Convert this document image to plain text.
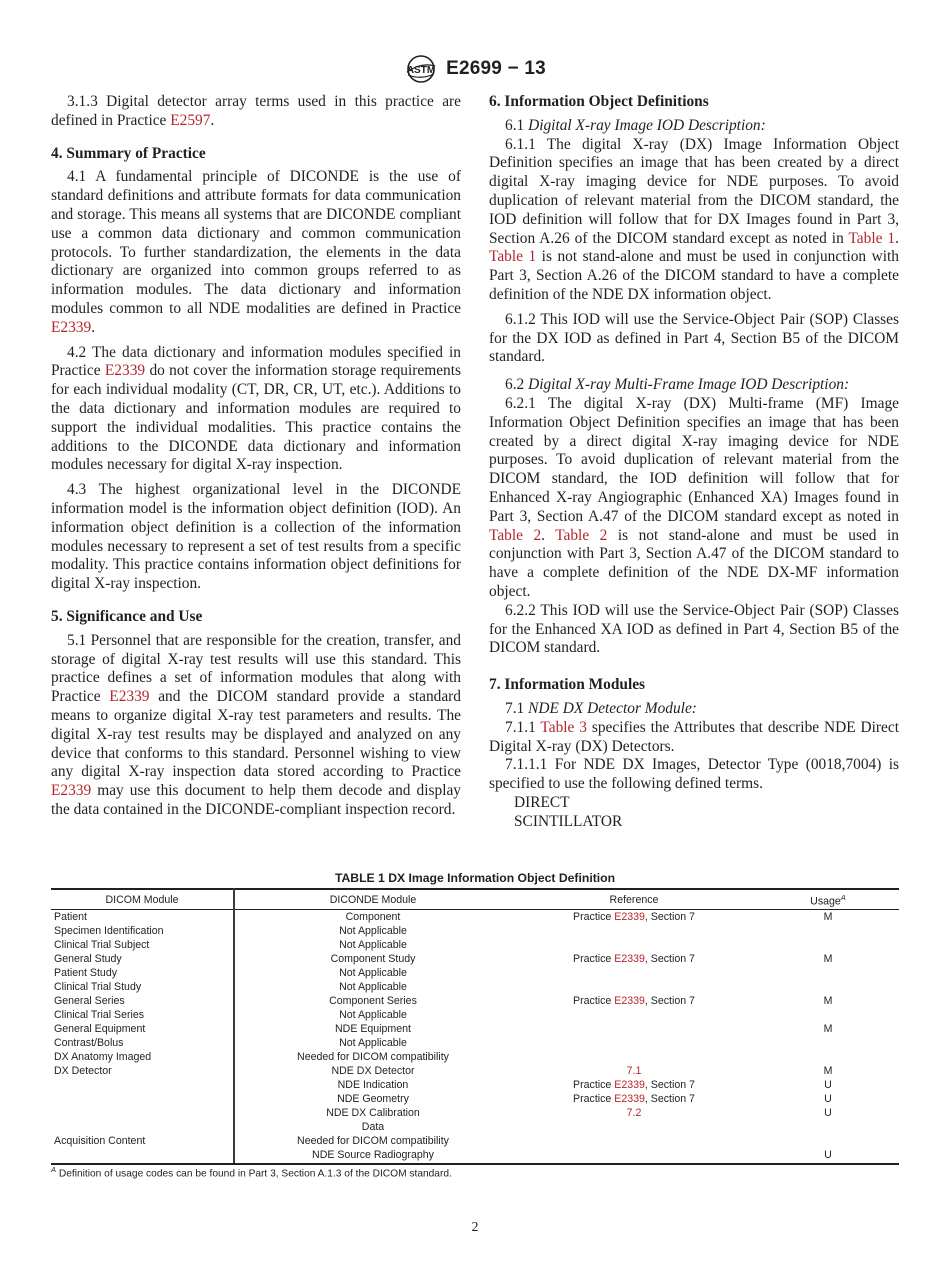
ASTM E2699 − 13

3.1.3 Digital detector array terms used in this practice are defined in Practice E2597.

4. Summary of Practice

4.1 A fundamental principle of DICONDE is the use of standard definitions and attribute formats for data communication and storage. This means all systems that are DICONDE compliant use a common data dictionary and common communication protocols. To further standardization, the elements in the data dictionary are organized into common groups referred to as information modules. The data dictionary and information modules common to all NDE modalities are defined in Practice E2339.

4.2 The data dictionary and information modules specified in Practice E2339 do not cover the information storage requirements for each individual modality (CT, DR, CR, UT, etc.). Additions to the data dictionary and information modules are required to support the individual modalities. This practice contains the additions to the DICONDE data dictionary and information modules necessary for digital X-ray inspection.

4.3 The highest organizational level in the DICONDE information model is the information object definition (IOD). An information object definition is a collection of the information modules necessary to represent a set of test results from a specific modality. This practice contains information object definitions for digital X-ray inspection.

5. Significance and Use

5.1 Personnel that are responsible for the creation, transfer, and storage of digital X-ray test results will use this standard. This practice defines a set of information modules that along with Practice E2339 and the DICOM standard provide a standard means to organize digital X-ray test parameters and results. The digital X-ray test results may be displayed and analyzed on any device that conforms to this standard. Personnel wishing to view any digital X-ray inspection data stored according to Practice E2339 may use this document to help them decode and display the data contained in the DICONDE-compliant inspection record.

6. Information Object Definitions

6.1 Digital X-ray Image IOD Description:

6.1.1 The digital X-ray (DX) Image Information Object Definition specifies an image that has been created by a direct digital X-ray imaging device for NDE purposes. To avoid duplication of relevant material from the DICOM standard, the IOD definition will follow that for DX Images found in Part 3, Section A.26 of the DICOM standard except as noted in Table 1. Table 1 is not stand-alone and must be used in conjunction with Part 3, Section A.26 of the DICOM standard to have a complete definition of the NDE DX information object.

6.1.2 This IOD will use the Service-Object Pair (SOP) Classes for the DX IOD as defined in Part 4, Section B5 of the DICOM standard.

6.2 Digital X-ray Multi-Frame Image IOD Description:

6.2.1 The digital X-ray (DX) Multi-frame (MF) Image Information Object Definition specifies an image that has been created by a direct digital X-ray imaging device for NDE purposes. To avoid duplication of relevant material from the DICOM standard, the IOD definition will follow that for Enhanced X-ray Angiographic (Enhanced XA) Images found in Part 3, Section A.47 of the DICOM standard except as noted in Table 2. Table 2 is not stand-alone and must be used in conjunction with Part 3, Section A.47 of the DICOM standard to have a complete definition of the NDE DX-MF information object.

6.2.2 This IOD will use the Service-Object Pair (SOP) Classes for the Enhanced XA IOD as defined in Part 4, Section B5 of the DICOM standard.

7. Information Modules

7.1 NDE DX Detector Module:

7.1.1 Table 3 specifies the Attributes that describe NDE Direct Digital X-ray (DX) Detectors.

7.1.1.1 For NDE DX Images, Detector Type (0018,7004) is specified to use the following defined terms.

DIRECT

SCINTILLATOR

TABLE 1 DX Image Information Object Definition
DICOM Module	DICONDE Module	Reference	Usage$^A$
Patient	Component	Practice E2339, Section 7	M
Specimen Identification	Not Applicable		
Clinical Trial Subject	Not Applicable		
General Study	Component Study	Practice E2339, Section 7	M
Patient Study	Not Applicable		
Clinical Trial Study	Not Applicable		
General Series	Component Series	Practice E2339, Section 7	M
Clinical Trial Series	Not Applicable		
General Equipment	NDE Equipment		M
Contrast/Bolus	Not Applicable		
DX Anatomy Imaged	Needed for DICOM compatibility		
DX Detector	NDE DX Detector	7.1	M
	NDE Indication	Practice E2339, Section 7	U
	NDE Geometry	Practice E2339, Section 7	U
	NDE DX Calibration	7.2	U
	Data		
Acquisition Content	Needed for DICOM compatibility		
	NDE Source Radiography		U
$^A$ Definition of usage codes can be found in Part 3, Section A.1.3 of the DICOM standard.
2
